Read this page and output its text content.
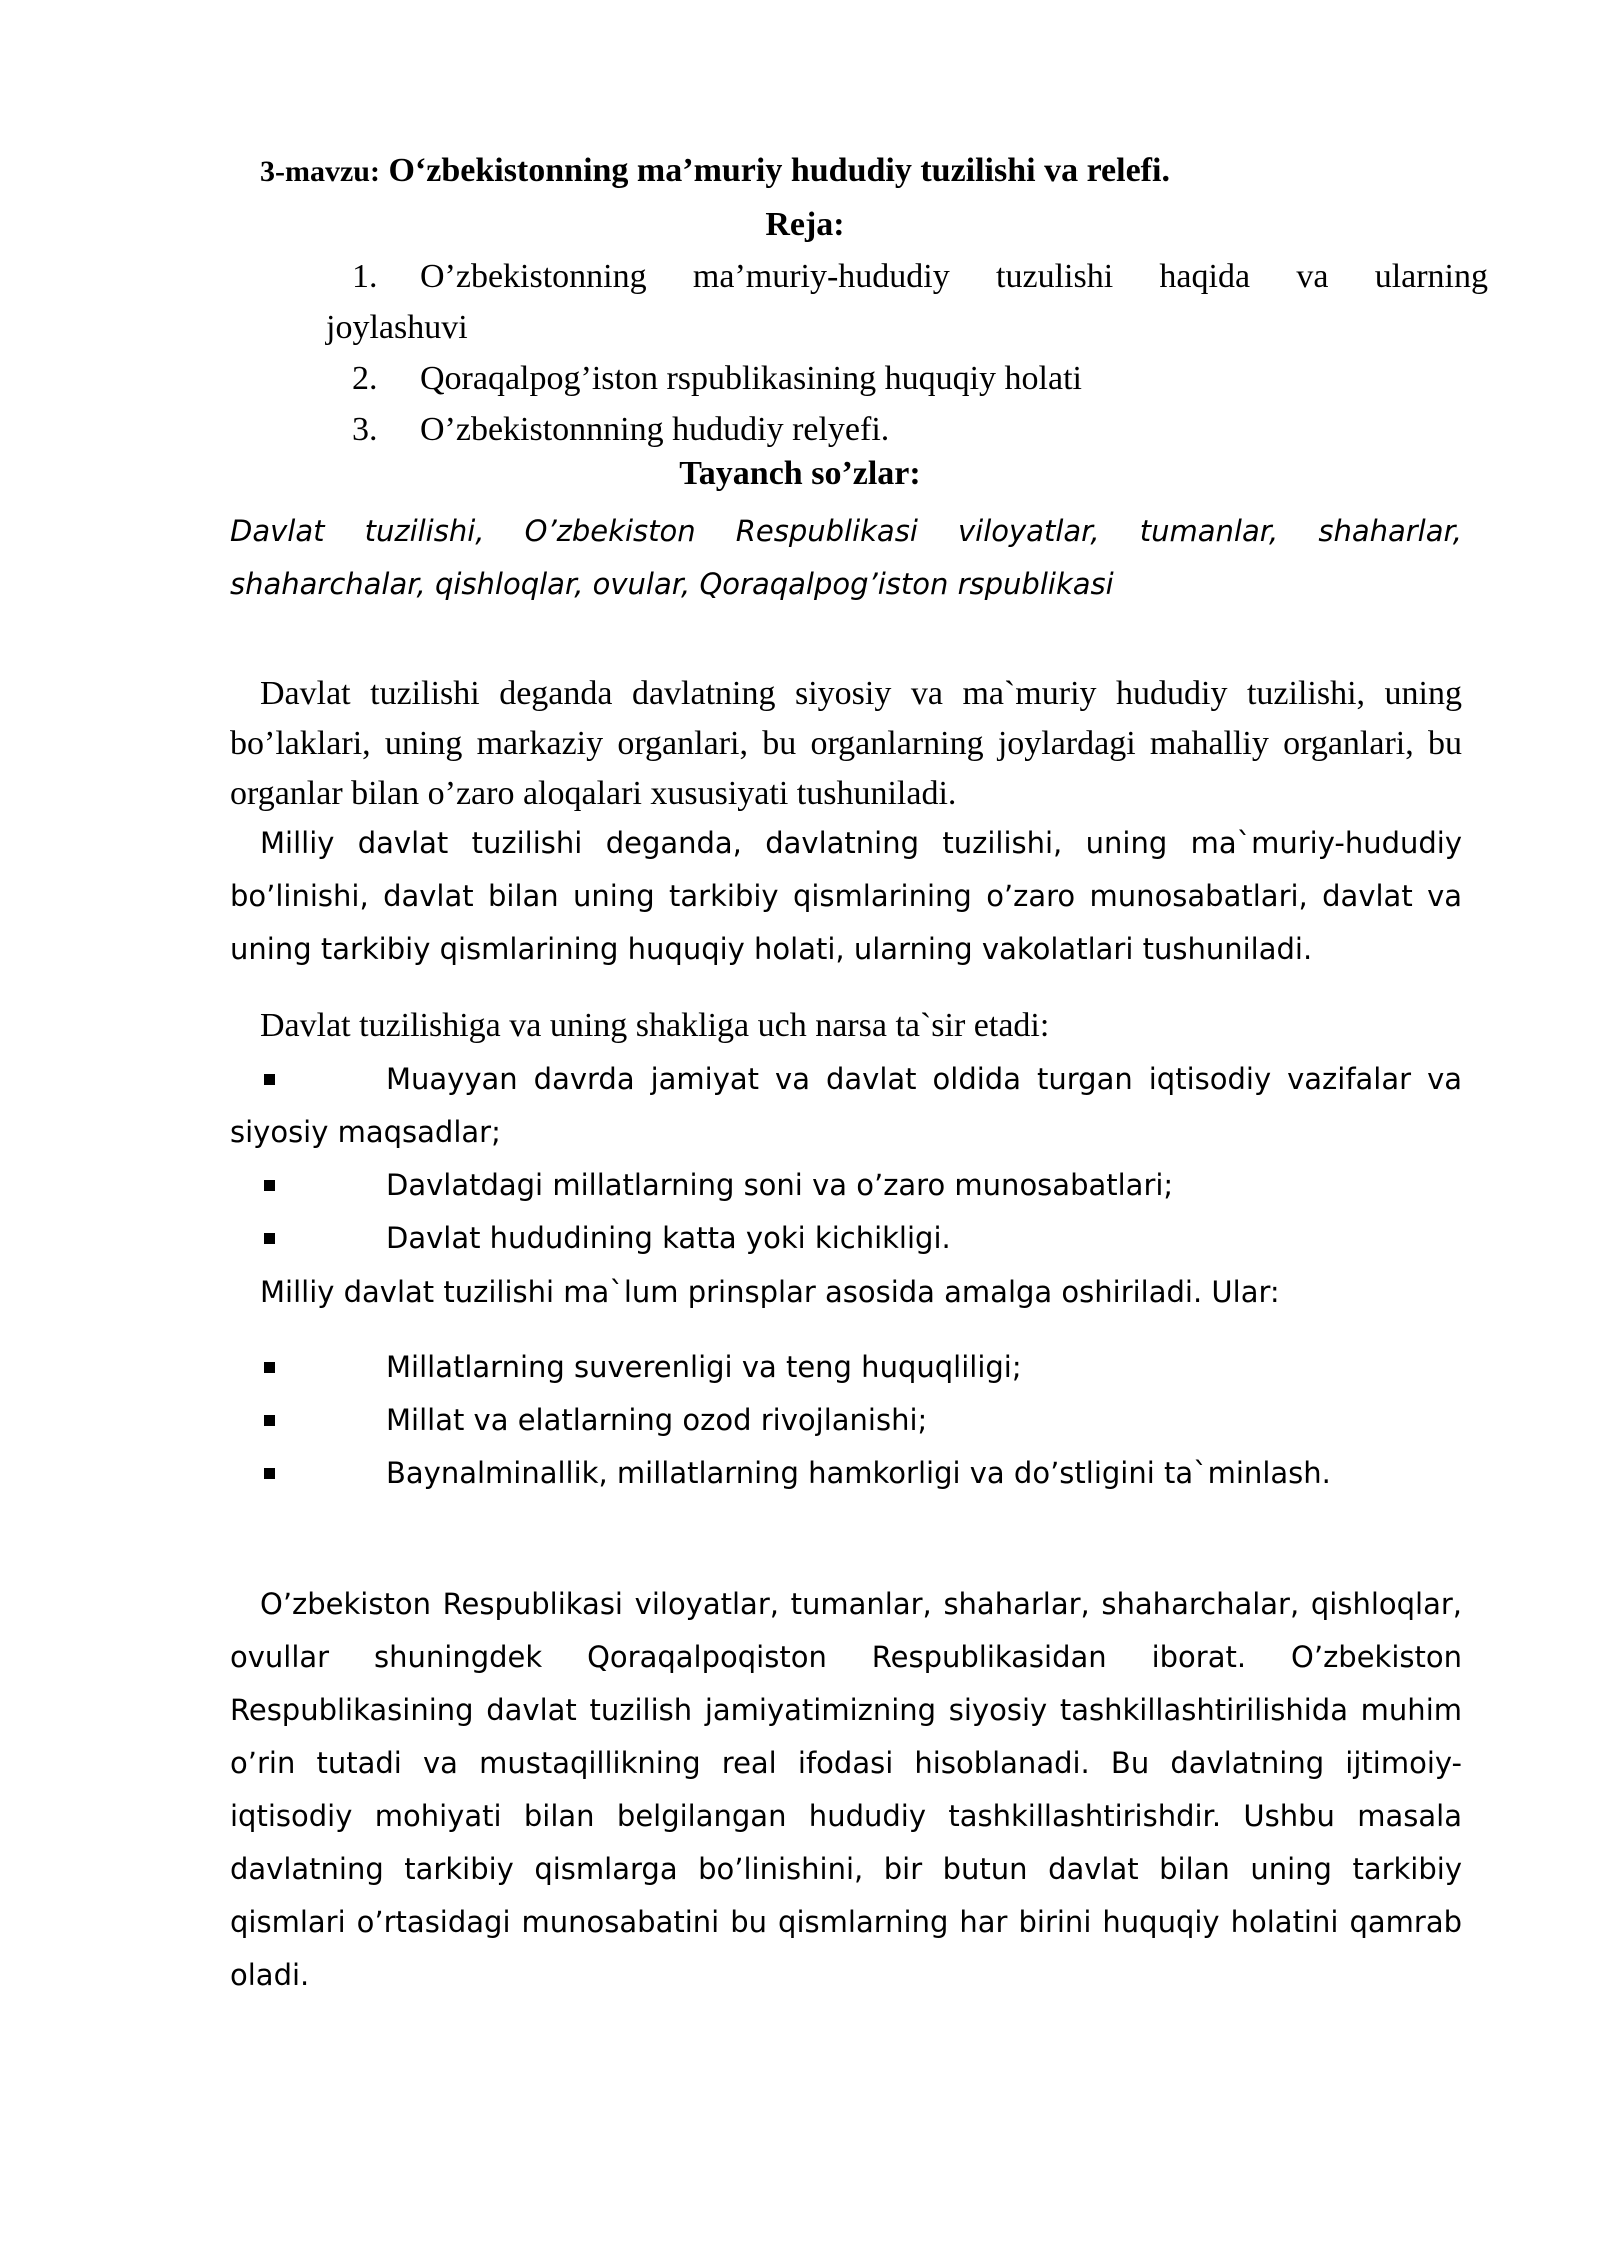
3-mavzu: O‘zbekistonning ma’muriy hududiy tuzilishi va relefi.
Reja:
1. O’zbekistonning ma’muriy-hududiy tuzulishi haqida va ularning
joylashuvi
2. Qoraqalpog’iston rspublikasining huquqiy holati
3. O’zbekistonnning hududiy relyefi.
Tayanch so’zlar:
Davlat tuzilishi, O’zbekiston Respublikasi viloyatlar, tumanlar, shaharlar,
shaharchalar, qishloqlar, ovular, Qoraqalpog’iston rspublikasi
Davlat tuzilishi deganda davlatning siyosiy va ma`muriy hududiy tuzilishi, uning bo’laklari, uning markaziy organlari, bu organlarning joylardagi mahalliy organlari, bu organlar bilan o’zaro aloqalari xususiyati tushuniladi.
Milliy davlat tuzilishi deganda, davlatning tuzilishi, uning ma`muriy-hududiy bo’linishi, davlat bilan uning tarkibiy qismlarining o’zaro munosabatlari, davlat va uning tarkibiy qismlarining huquqiy holati, ularning vakolatlari tushuniladi.
Davlat tuzilishiga va uning shakliga uch narsa ta`sir etadi:
Muayyan davrda jamiyat va davlat oldida turgan iqtisodiy vazifalar va
siyosiy maqsadlar;
Davlatdagi millatlarning soni va o’zaro munosabatlari;
Davlat hududining katta yoki kichikligi.
Milliy davlat tuzilishi ma`lum prinsplar asosida amalga oshiriladi. Ular:
Millatlarning suverenligi va teng huquqliligi;
Millat va elatlarning ozod rivojlanishi;
Baynalminallik, millatlarning hamkorligi va do’stligini ta`minlash.
O’zbekiston Respublikasi viloyatlar, tumanlar, shaharlar, shaharchalar, qishloqlar, ovullar shuningdek Qoraqalpoqiston Respublikasidan iborat. O’zbekiston Respublikasining davlat tuzilish jamiyatimizning siyosiy tashkillashtirilishida muhim o’rin tutadi va mustaqillikning real ifodasi hisoblanadi. Bu davlatning ijtimoiy-iqtisodiy mohiyati bilan belgilangan hududiy tashkillashtirishdir. Ushbu masala davlatning tarkibiy qismlarga bo’linishini, bir butun davlat bilan uning tarkibiy qismlari o’rtasidagi munosabatini bu qismlarning har birini huquqiy holatini qamrab oladi.
